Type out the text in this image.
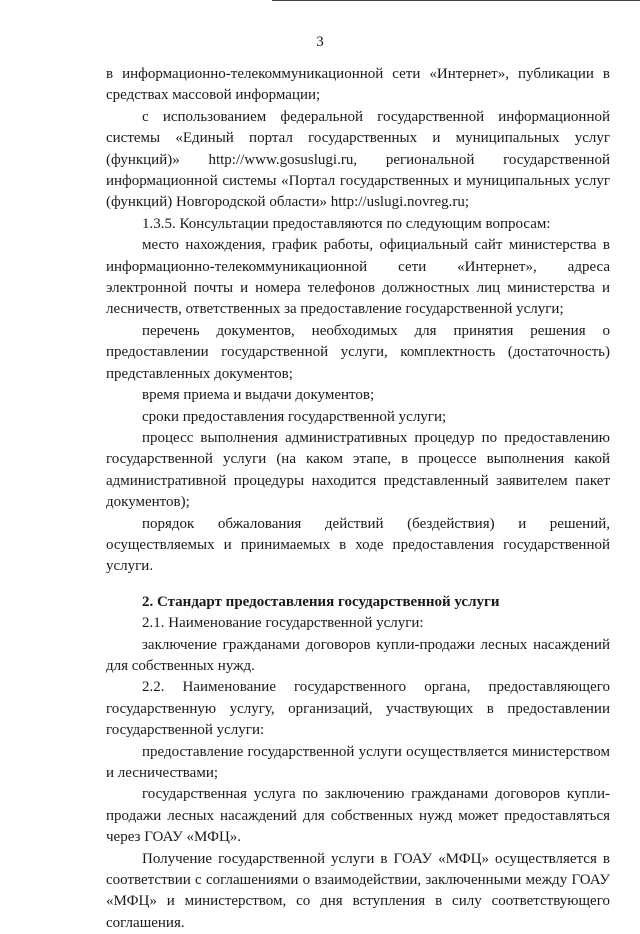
3

в информационно-телекоммуникационной сети «Интернет», публикации в средствах массовой информации;

с использованием федеральной государственной информационной системы «Единый портал государственных и муниципальных услуг (функций)» http://www.gosuslugi.ru, региональной государственной информационной системы «Портал государственных и муниципальных услуг (функций) Новгородской области» http://uslugi.novreg.ru;

1.3.5. Консультации предоставляются по следующим вопросам:

место нахождения, график работы, официальный сайт министерства в информационно-телекоммуникационной сети «Интернет», адреса электронной почты и номера телефонов должностных лиц министерства и лесничеств, ответственных за предоставление государственной услуги;

перечень документов, необходимых для принятия решения о предоставлении государственной услуги, комплектность (достаточность) представленных документов;

время приема и выдачи документов;

сроки предоставления государственной услуги;

процесс выполнения административных процедур по предоставлению государственной услуги (на каком этапе, в процессе выполнения какой административной процедуры находится представленный заявителем пакет документов);

порядок обжалования действий (бездействия) и решений, осуществляемых и принимаемых в ходе предоставления государственной услуги.

2. Стандарт предоставления государственной услуги

2.1. Наименование государственной услуги:

заключение гражданами договоров купли-продажи лесных насаждений для собственных нужд.

2.2. Наименование государственного органа, предоставляющего государственную услугу, организаций, участвующих в предоставлении государственной услуги:

предоставление государственной услуги осуществляется министерством и лесничествами;

государственная услуга по заключению гражданами договоров купли-продажи лесных насаждений для собственных нужд может предоставляться через ГОАУ «МФЦ».

Получение государственной услуги в ГОАУ «МФЦ» осуществляется в соответствии с соглашениями о взаимодействии, заключенными между ГОАУ «МФЦ» и министерством, со дня вступления в силу соответствующего соглашения.
